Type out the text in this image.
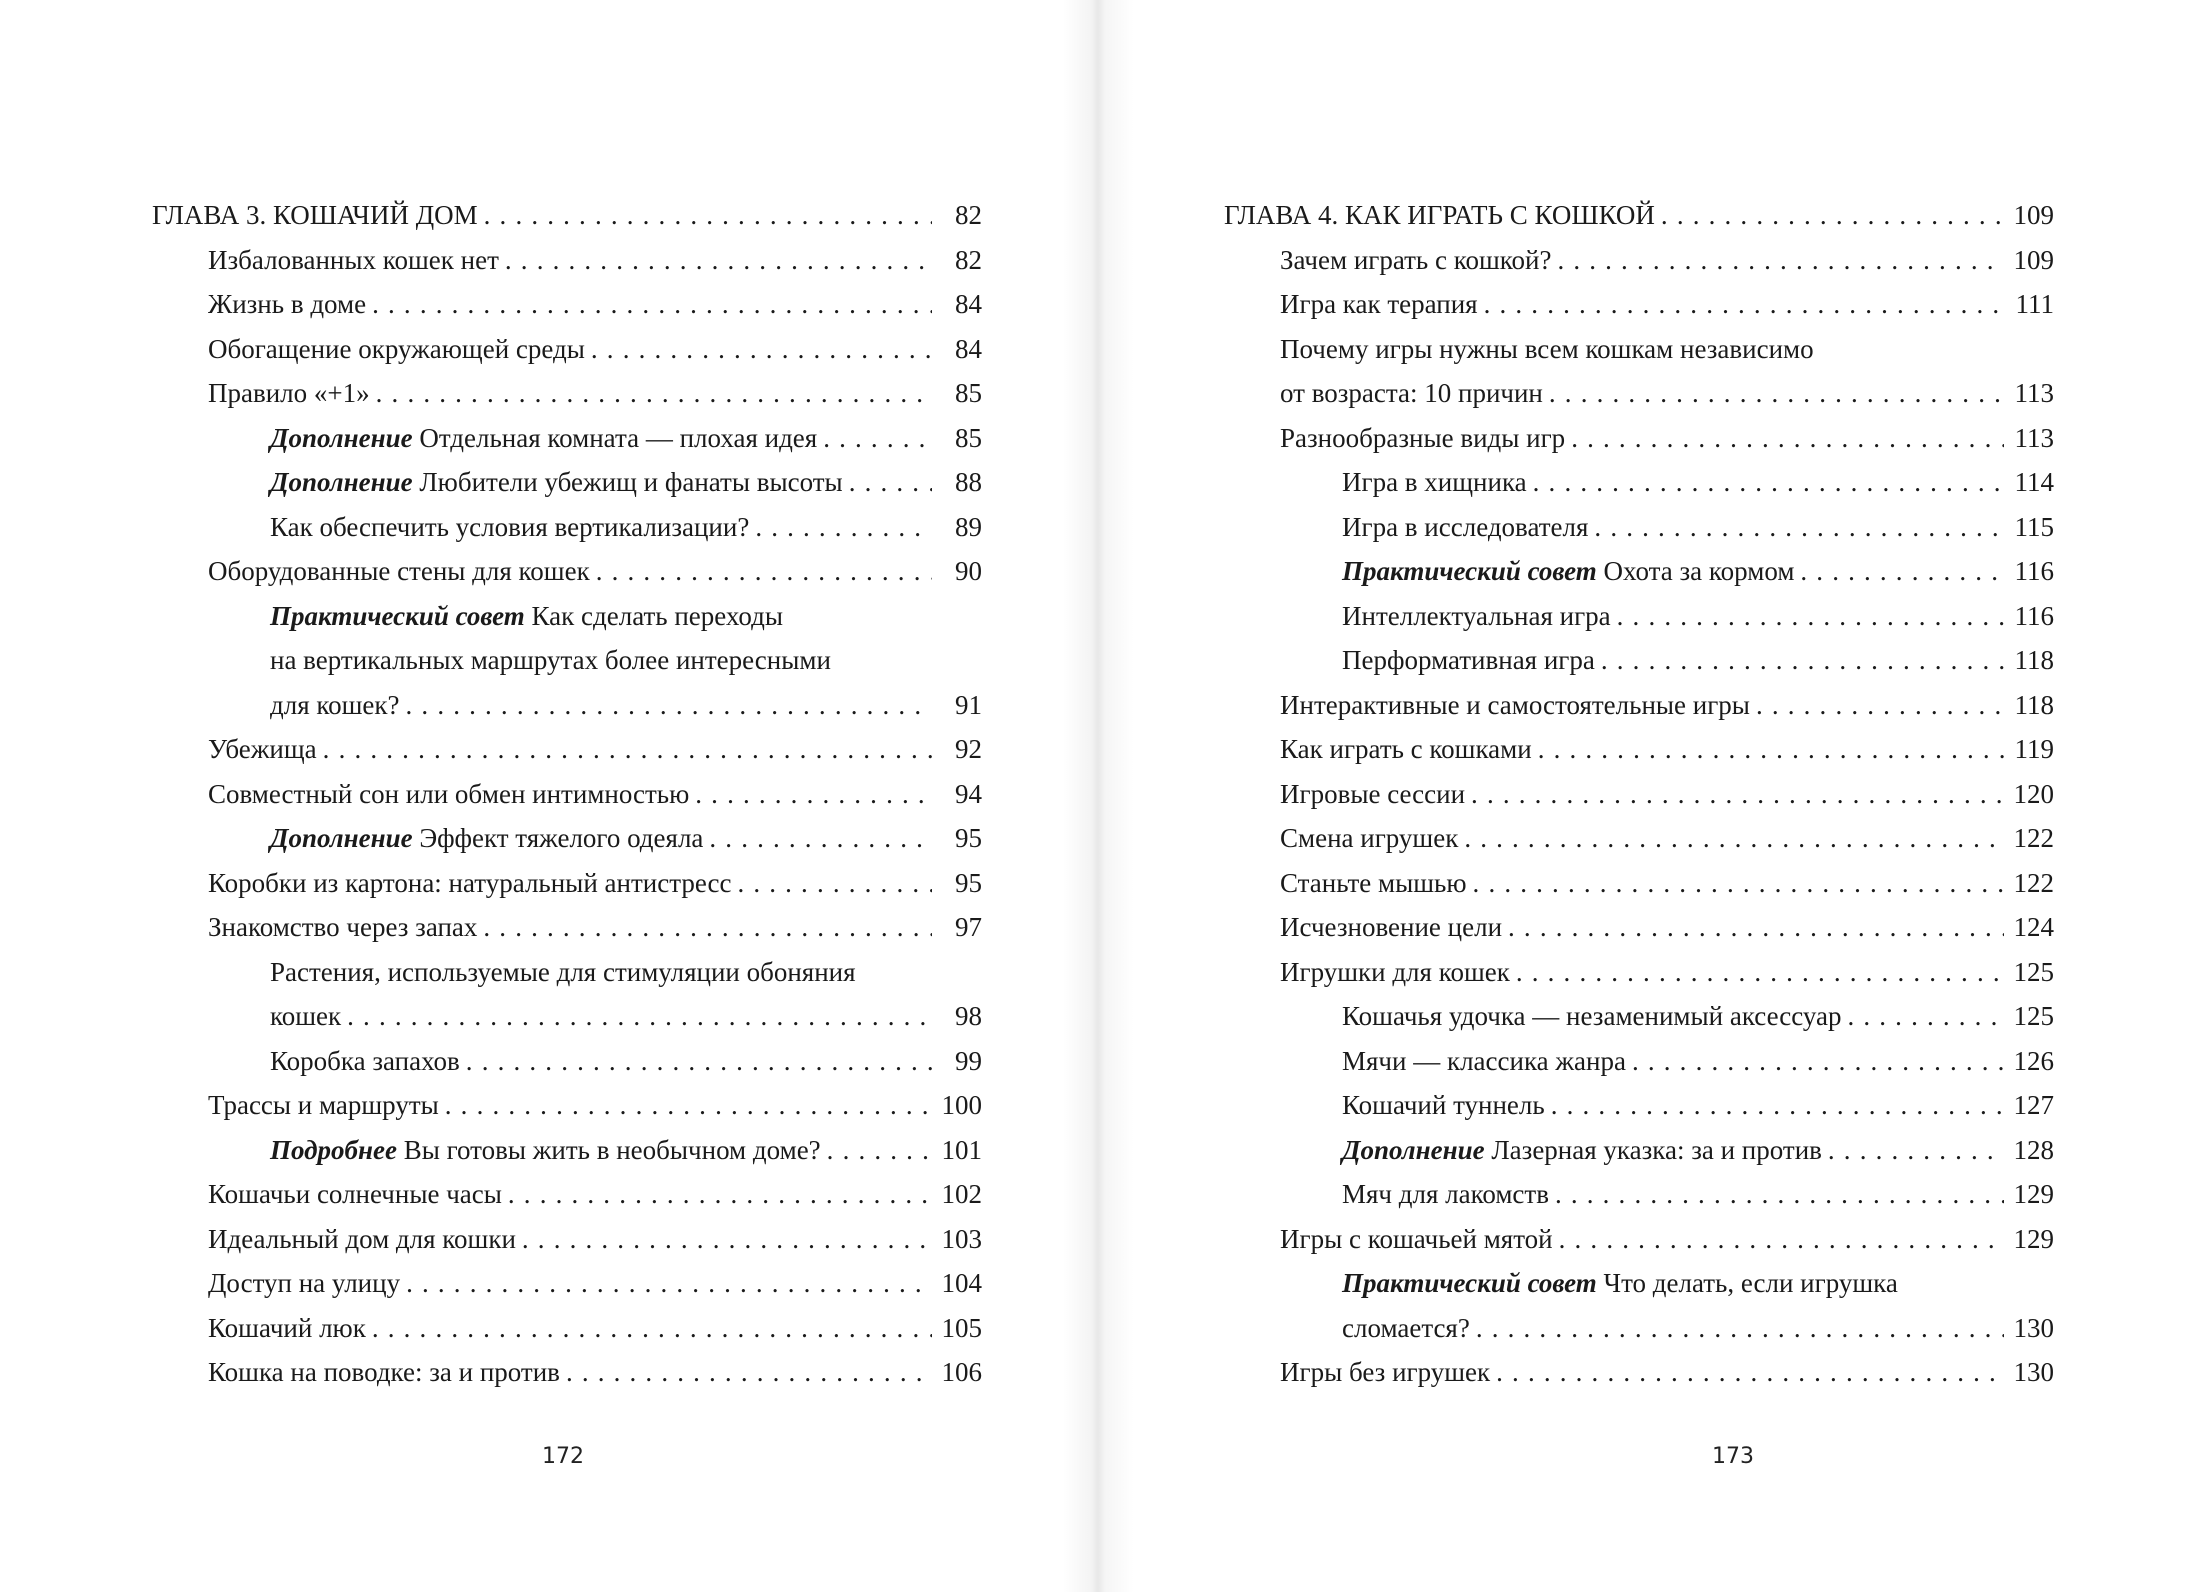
ГЛАВА 3. КОШАЧИЙ ДОМ . . .	82
Избалованных кошек нет . . .	82
Жизнь в доме . . .	84
Обогащение окружающей среды . . .	84
Правило «+1» . . .	85
Дополнение Отдельная комната — плохая идея . . .	85
Дополнение Любители убежищ и фанаты высоты . . .	88
Как обеспечить условия вертикализации? . . .	89
Оборудованные стены для кошек . . .	90
Практический совет Как сделать переходы
на вертикальных маршрутах более интересными
для кошек? . . .	91
Убежища . . .	92
Совместный сон или обмен интимностью . . .	94
Дополнение Эффект тяжелого одеяла . . .	95
Коробки из картона: натуральный антистресс . . .	95
Знакомство через запах . . .	97
Растения, используемые для стимуляции обоняния
кошек . . .	98
Коробка запахов . . .	99
Трассы и маршруты . . .	100
Подробнее Вы готовы жить в необычном доме? . . .	101
Кошачьи солнечные часы . . .	102
Идеальный дом для кошки . . .	103
Доступ на улицу . . .	104
Кошачий люк . . .	105
Кошка на поводке: за и против . . .	106
172
ГЛАВА 4. КАК ИГРАТЬ С КОШКОЙ . . .	109
Зачем играть с кошкой? . . .	109
Игра как терапия . . .	111
Почему игры нужны всем кошкам независимо
от возраста: 10 причин . . .	113
Разнообразные виды игр . . .	113
Игра в хищника . . .	114
Игра в исследователя . . .	115
Практический совет Охота за кормом . . .	116
Интеллектуальная игра . . .	116
Перформативная игра . . .	118
Интерактивные и самостоятельные игры . . .	118
Как играть с кошками . . .	119
Игровые сессии . . .	120
Смена игрушек . . .	122
Станьте мышью . . .	122
Исчезновение цели . . .	124
Игрушки для кошек . . .	125
Кошачья удочка — незаменимый аксессуар . . .	125
Мячи — классика жанра . . .	126
Кошачий туннель . . .	127
Дополнение Лазерная указка: за и против . . .	128
Мяч для лакомств . . .	129
Игры с кошачьей мятой . . .	129
Практический совет Что делать, если игрушка
сломается? . . .	130
Игры без игрушек . . .	130
173
